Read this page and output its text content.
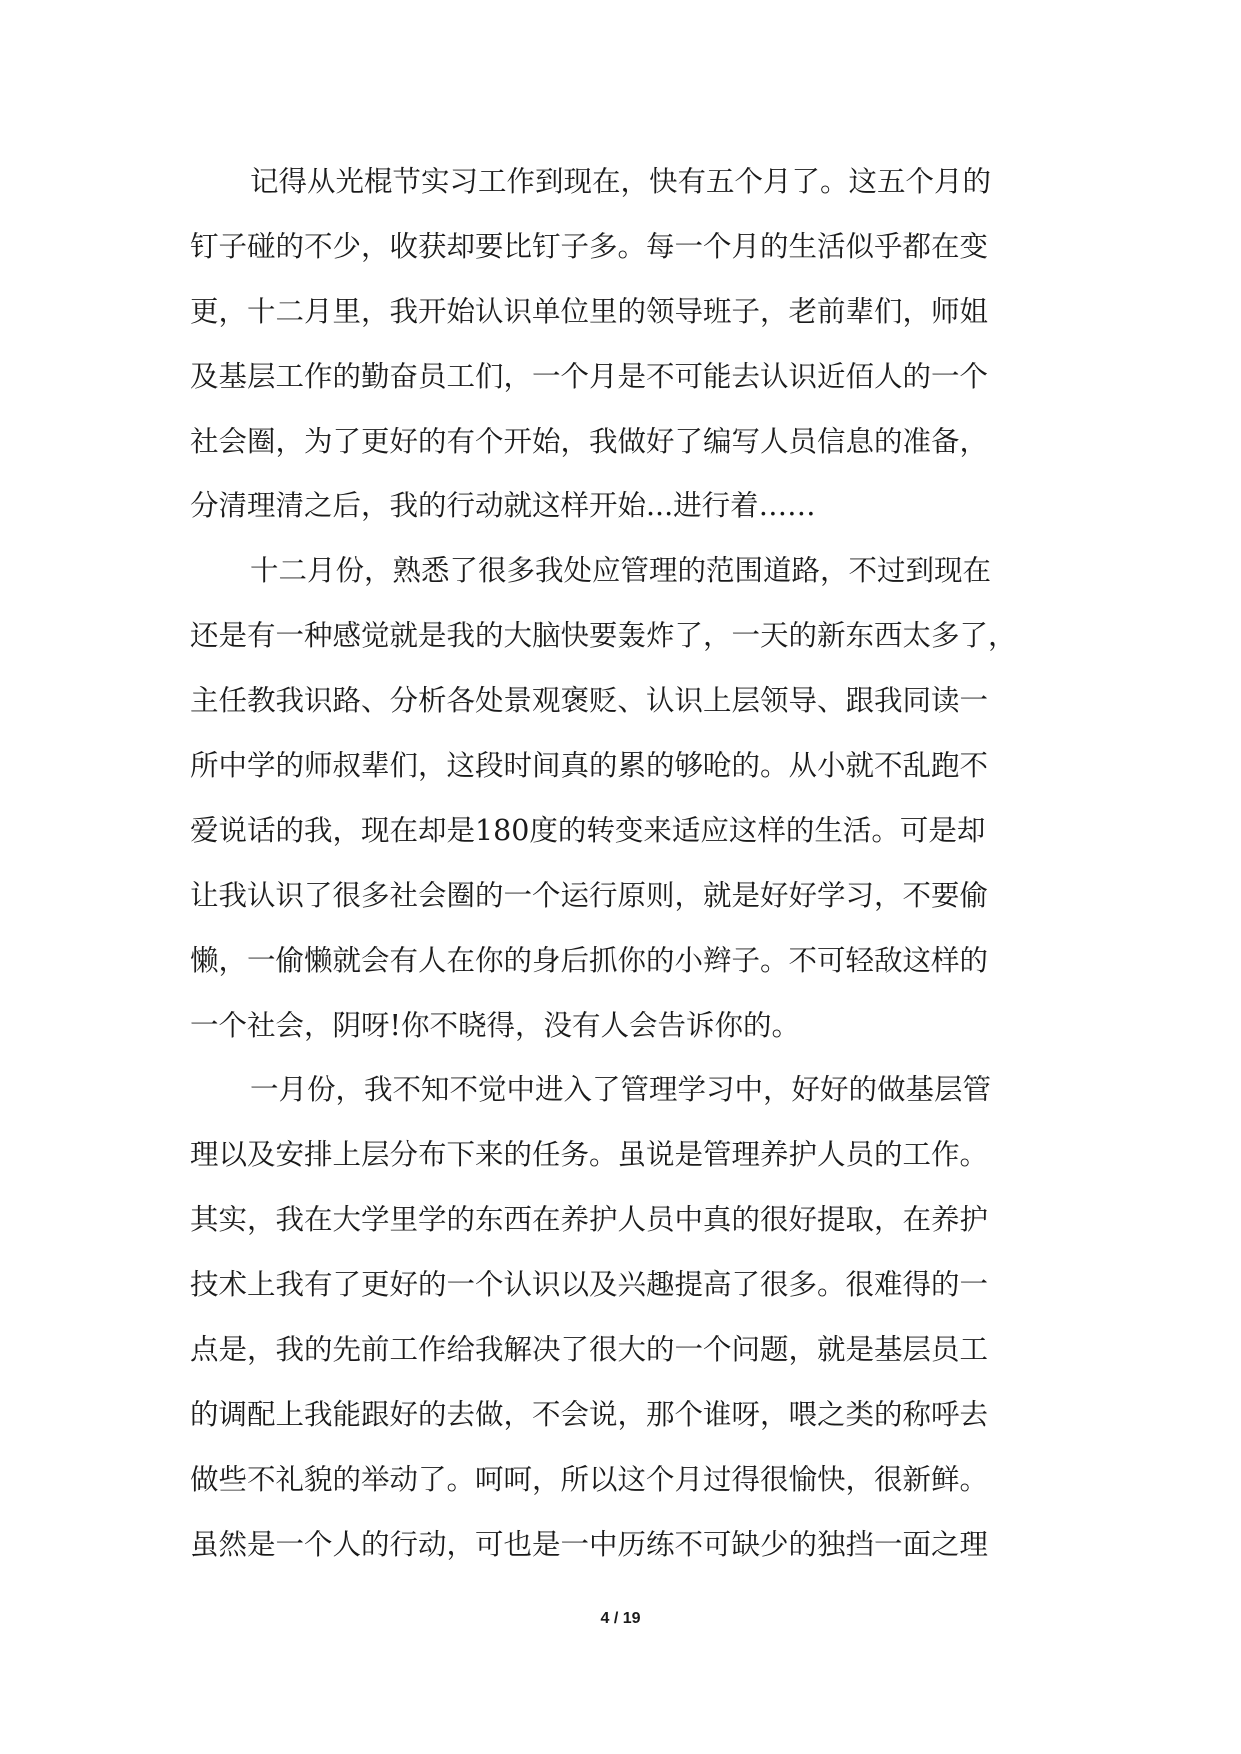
记得从光棍节实习工作到现在，快有五个月了。这五个月的
钉子碰的不少，收获却要比钉子多。每一个月的生活似乎都在变
更，十二月里，我开始认识单位里的领导班子，老前辈们，师姐
及基层工作的勤奋员工们，一个月是不可能去认识近佰人的一个
社会圈，为了更好的有个开始，我做好了编写人员信息的准备，
分清理清之后，我的行动就这样开始...进行着……
十二月份，熟悉了很多我处应管理的范围道路，不过到现在
还是有一种感觉就是我的大脑快要轰炸了，一天的新东西太多了，
主任教我识路、分析各处景观褒贬、认识上层领导、跟我同读一
所中学的师叔辈们，这段时间真的累的够呛的。从小就不乱跑不
爱说话的我，现在却是180度的转变来适应这样的生活。可是却
让我认识了很多社会圈的一个运行原则，就是好好学习，不要偷
懒，一偷懒就会有人在你的身后抓你的小辫子。不可轻敌这样的
一个社会，阴呀!你不晓得，没有人会告诉你的。
一月份，我不知不觉中进入了管理学习中，好好的做基层管
理以及安排上层分布下来的任务。虽说是管理养护人员的工作。
其实，我在大学里学的东西在养护人员中真的很好提取，在养护
技术上我有了更好的一个认识以及兴趣提高了很多。很难得的一
点是，我的先前工作给我解决了很大的一个问题，就是基层员工
的调配上我能跟好的去做，不会说，那个谁呀，喂之类的称呼去
做些不礼貌的举动了。呵呵，所以这个月过得很愉快，很新鲜。
虽然是一个人的行动，可也是一中历练不可缺少的独挡一面之理
4 / 19
